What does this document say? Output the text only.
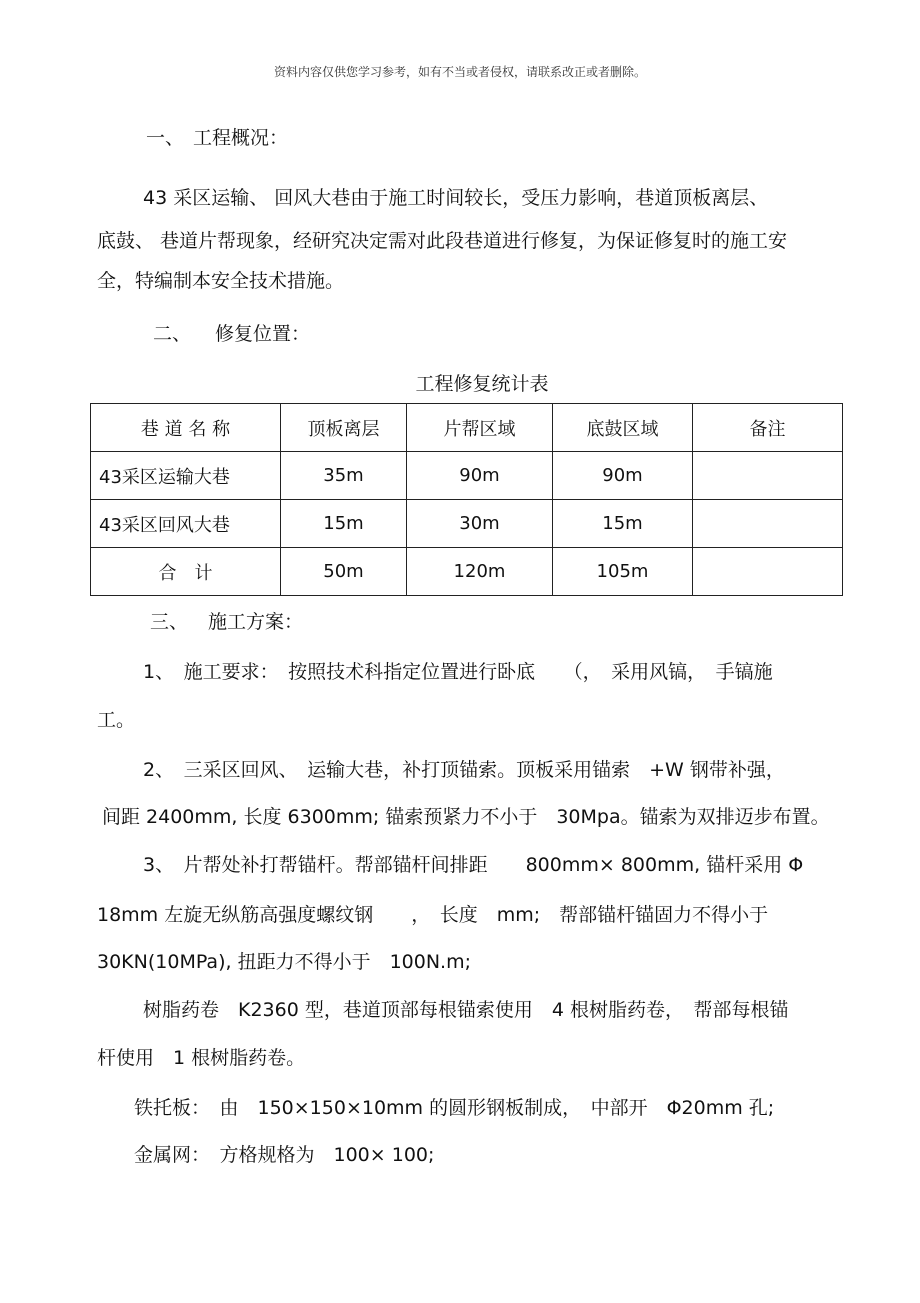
资料内容仅供您学习参考，如有不当或者侵权，请联系改正或者删除。
一、 工程概况：
43 采区运输、 回风大巷由于施工时间较长，受压力影响，巷道顶板离层、
底鼓、 巷道片帮现象，经研究决定需对此段巷道进行修复，为保证修复时的施工安
全，特编制本安全技术措施。
二、 修复位置：
工程修复统计表
巷 道 名 称	顶板离层	片帮区域	底鼓区域	备注
43采区运输大巷	35m	90m	90m	
43采区回风大巷	15m	30m	15m	
合　计	50m	120m	105m	
三、 施工方案：
1、　施工要求：　按照技术科指定位置进行卧底　　（，　采用风镐，　手镐施
工。
2、　三采区回风、　运输大巷，补打顶锚索。顶板采用锚索　+W 钢带补强，
间距 2400mm, 长度 6300mm; 锚索预紧力不小于　30Mpa。锚索为双排迈步布置。
3、　片帮处补打帮锚杆。帮部锚杆间排距　　800mm× 800mm, 锚杆采用 Φ
18mm 左旋无纵筋高强度螺纹钢　　，　长度　mm;　帮部锚杆锚固力不得小于
30KN(10MPa), 扭距力不得小于　100N.m;
树脂药卷　K2360 型，巷道顶部每根锚索使用　4 根树脂药卷，　帮部每根锚
杆使用　1 根树脂药卷。
铁托板：　由　150×150×10mm 的圆形钢板制成，　中部开　Φ20mm 孔;
金属网：　方格规格为　100× 100;
